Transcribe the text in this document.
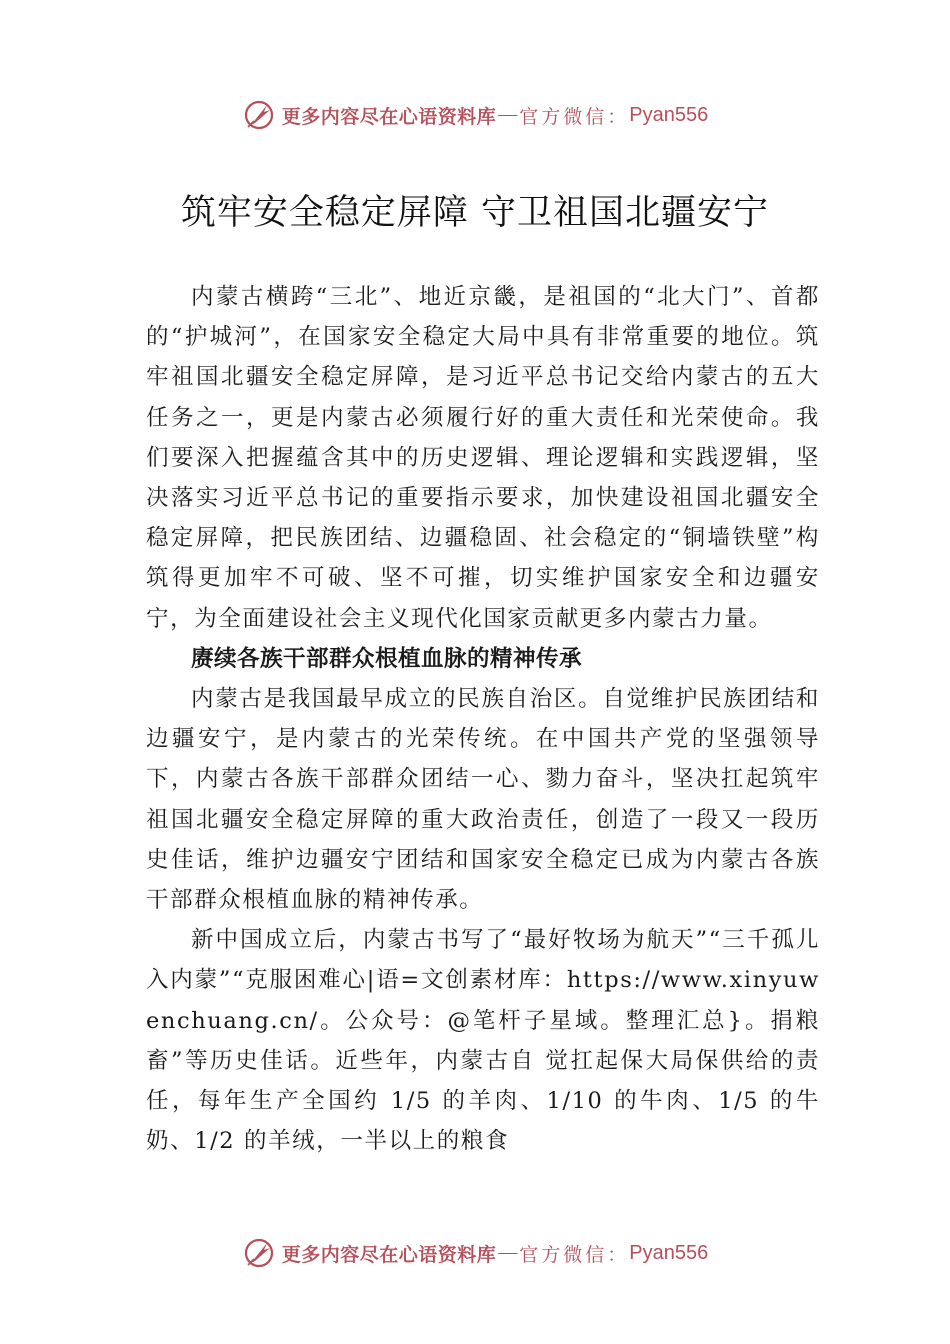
更多内容尽在心语资料库 — 官方微信： Pyan556
筑牢安全稳定屏障 守卫祖国北疆安宁

内蒙古横跨“三北”、地近京畿，是祖国的“北大门”、首都的“护城河”，在国家安全稳定大局中具有非常重要的地位。筑牢祖国北疆安全稳定屏障，是习近平总书记交给内蒙古的五大任务之一，更是内蒙古必须履行好的重大责任和光荣使命。我们要深入把握蕴含其中的历史逻辑、理论逻辑和实践逻辑，坚决落实习近平总书记的重要指示要求，加快建设祖国北疆安全稳定屏障，把民族团结、边疆稳固、社会稳定的“铜墙铁壁”构筑得更加牢不可破、坚不可摧，切实维护国家安全和边疆安宁，为全面建设社会主义现代化国家贡献更多内蒙古力量。

赓续各族干部群众根植血脉的精神传承

内蒙古是我国最早成立的民族自治区。自觉维护民族团结和边疆安宁，是内蒙古的光荣传统。在中国共产党的坚强领导下，内蒙古各族干部群众团结一心、勠力奋斗，坚决扛起筑牢祖国北疆安全稳定屏障的重大政治责任，创造了一段又一段历史佳话，维护边疆安宁团结和国家安全稳定已成为内蒙古各族干部群众根植血脉的精神传承。

新中国成立后，内蒙古书写了“最好牧场为航天”“三千孤儿入内蒙”“克服困难心|语=文创素材库：https://www.xinyuwenchuang.cn/。公众号：@笔杆子星域。整理汇总}。捐粮畜”等历史佳话。近些年，内蒙古自 觉扛起保大局保供给的责任，每年生产全国约 1/5 的羊肉、1/10 的牛肉、1/5 的牛奶、1/2 的羊绒，一半以上的粮食

更多内容尽在心语资料库 — 官方微信： Pyan556
